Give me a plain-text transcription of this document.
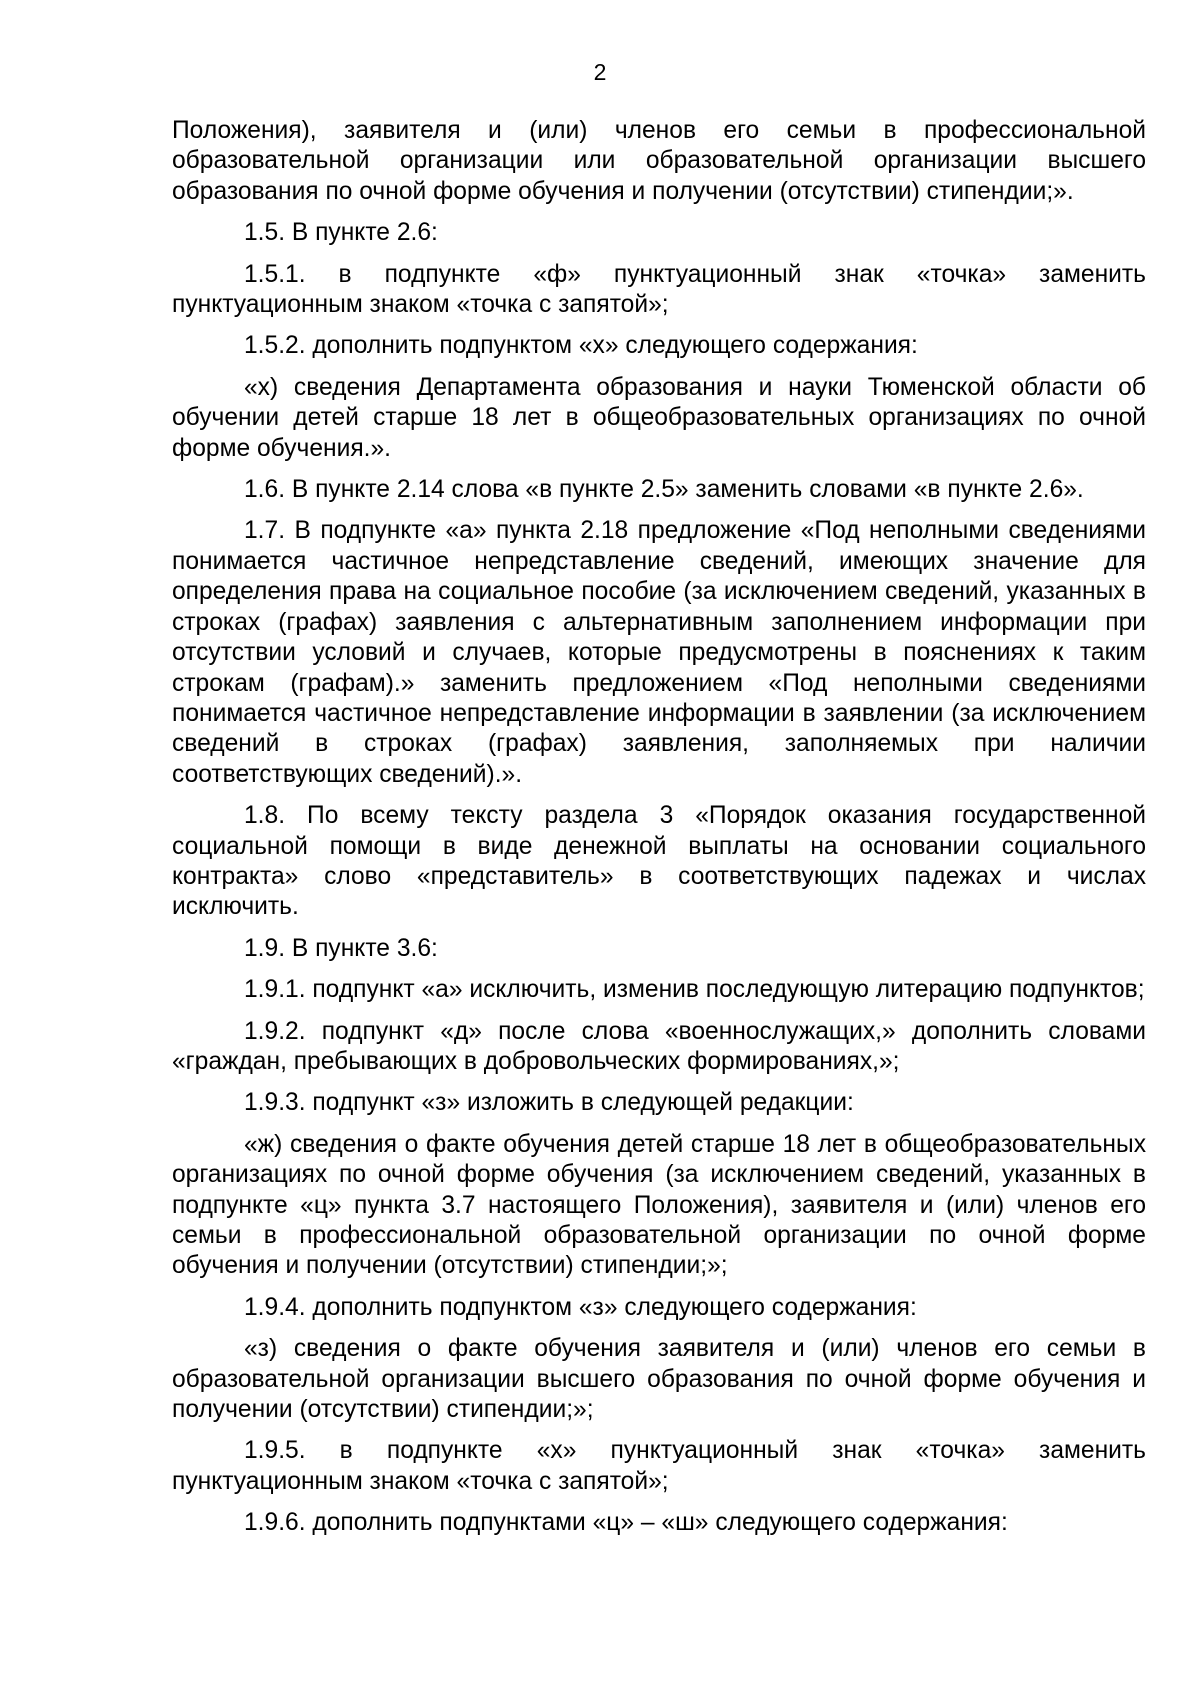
2

Положения), заявителя и (или) членов его семьи в профессиональной образовательной организации или образовательной организации высшего образования по очной форме обучения и получении (отсутствии) стипендии;».

1.5. В пункте 2.6:

1.5.1. в подпункте «ф» пунктуационный знак «точка» заменить пунктуационным знаком «точка с запятой»;

1.5.2. дополнить подпунктом «х» следующего содержания:

«х) сведения Департамента образования и науки Тюменской области об обучении детей старше 18 лет в общеобразовательных организациях по очной форме обучения.».

1.6. В пункте 2.14 слова «в пункте 2.5» заменить словами «в пункте 2.6».

1.7. В подпункте «а» пункта 2.18 предложение «Под неполными сведениями понимается частичное непредставление сведений, имеющих значение для определения права на социальное пособие (за исключением сведений, указанных в строках (графах) заявления с альтернативным заполнением информации при отсутствии условий и случаев, которые предусмотрены в пояснениях к таким строкам (графам).» заменить предложением «Под неполными сведениями понимается частичное непредставление информации в заявлении (за исключением сведений в строках (графах) заявления, заполняемых при наличии соответствующих сведений).».

1.8. По всему тексту раздела 3 «Порядок оказания государственной социальной помощи в виде денежной выплаты на основании социального контракта» слово «представитель» в соответствующих падежах и числах исключить.

1.9. В пункте 3.6:

1.9.1. подпункт «а» исключить, изменив последующую литерацию подпунктов;

1.9.2. подпункт «д» после слова «военнослужащих,» дополнить словами «граждан, пребывающих в добровольческих формированиях,»;

1.9.3. подпункт «з» изложить в следующей редакции:

«ж) сведения о факте обучения детей старше 18 лет в общеобразовательных организациях по очной форме обучения (за исключением сведений, указанных в подпункте «ц» пункта 3.7 настоящего Положения), заявителя и (или) членов его семьи в профессиональной образовательной организации по очной форме обучения и получении (отсутствии) стипендии;»;

1.9.4. дополнить подпунктом «з» следующего содержания:

«з) сведения о факте обучения заявителя и (или) членов его семьи в образовательной организации высшего образования по очной форме обучения и получении (отсутствии) стипендии;»;

1.9.5. в подпункте «х» пунктуационный знак «точка» заменить пунктуационным знаком «точка с запятой»;

1.9.6. дополнить подпунктами «ц» – «ш» следующего содержания:
